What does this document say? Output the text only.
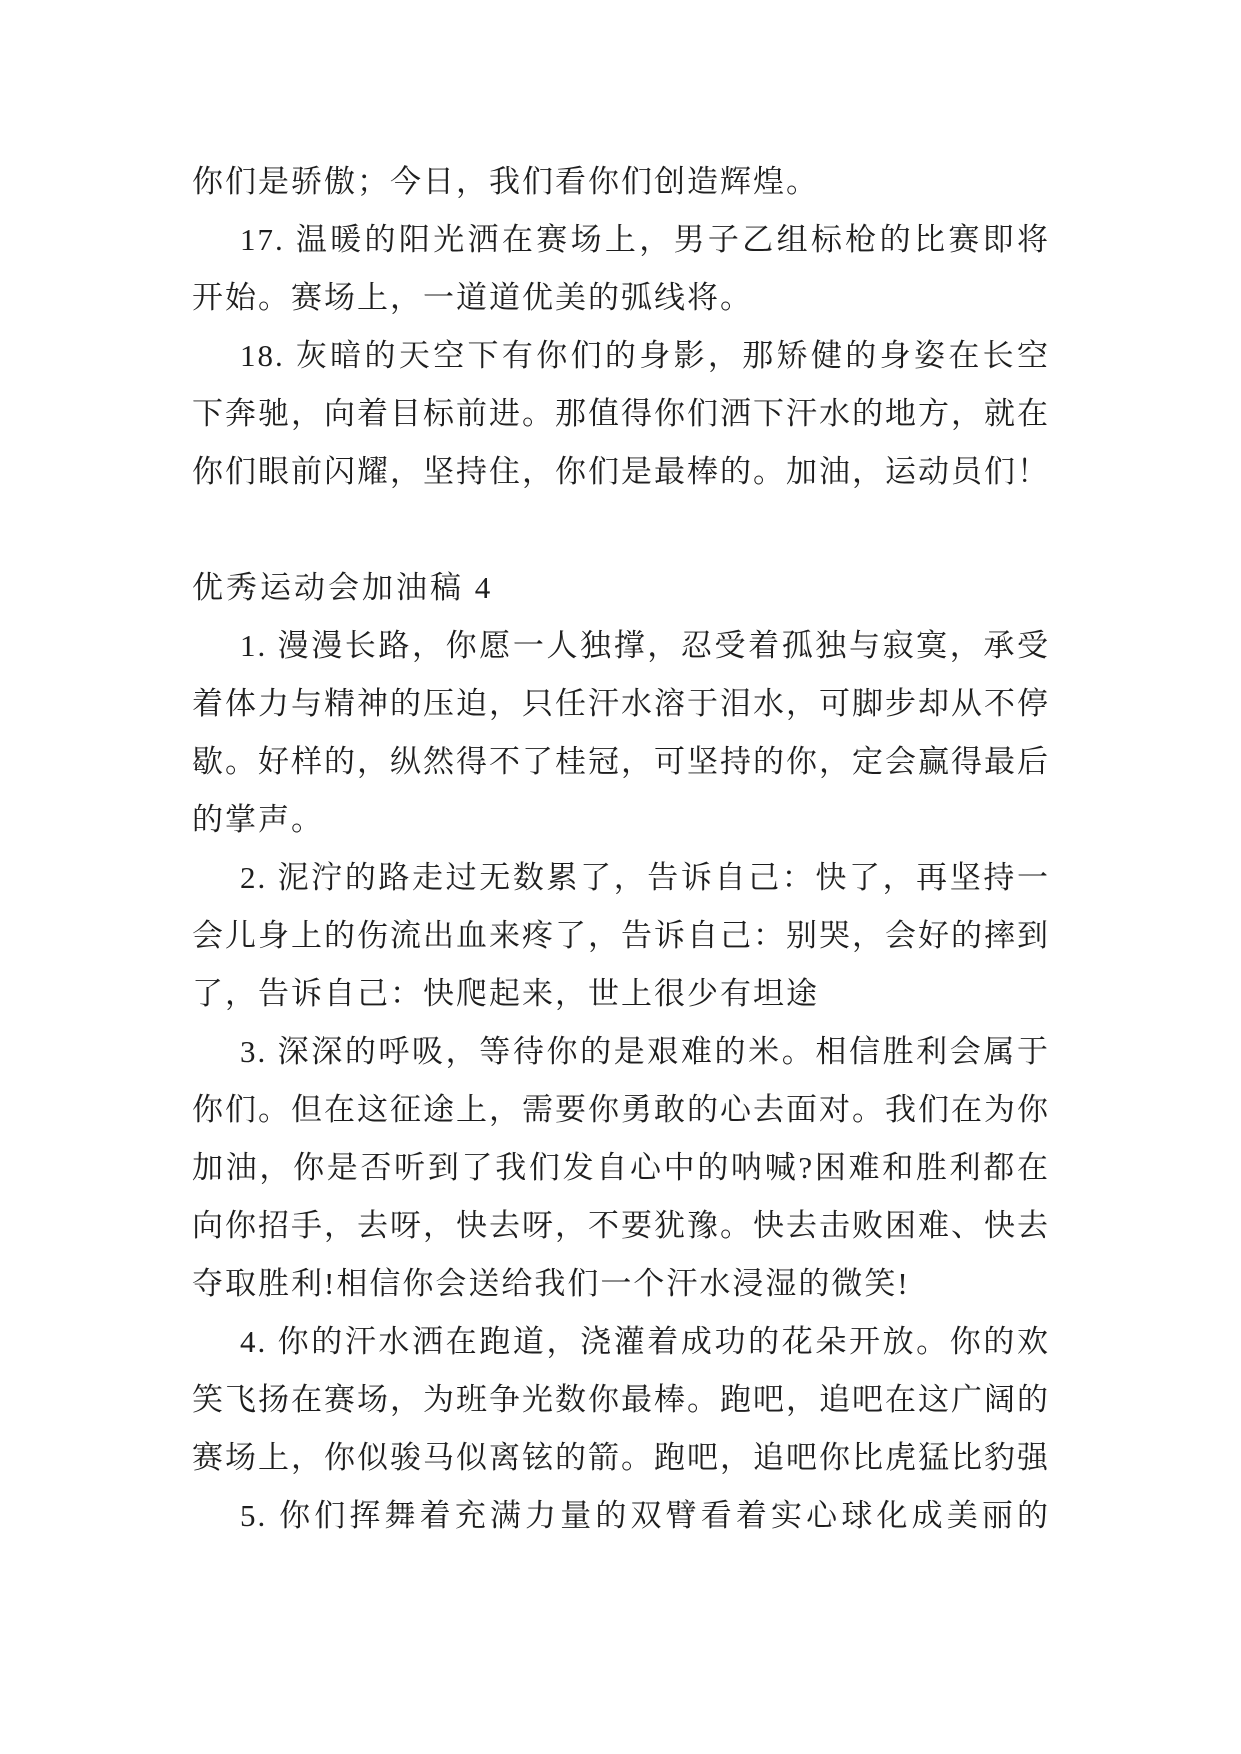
你们是骄傲；今日，我们看你们创造辉煌。
17. 温暖的阳光洒在赛场上，男子乙组标枪的比赛即将
开始。赛场上，一道道优美的弧线将。
18. 灰暗的天空下有你们的身影，那矫健的身姿在长空
下奔驰，向着目标前进。那值得你们洒下汗水的地方，就在
你们眼前闪耀，坚持住，你们是最棒的。加油，运动员们！
优秀运动会加油稿 4
1. 漫漫长路，你愿一人独撑，忍受着孤独与寂寞，承受
着体力与精神的压迫，只任汗水溶于泪水，可脚步却从不停
歇。好样的，纵然得不了桂冠，可坚持的你，定会赢得最后
的掌声。
2. 泥泞的路走过无数累了，告诉自己：快了，再坚持一
会儿身上的伤流出血来疼了，告诉自己：别哭，会好的摔到
了，告诉自己：快爬起来，世上很少有坦途
3. 深深的呼吸，等待你的是艰难的米。相信胜利会属于
你们。但在这征途上，需要你勇敢的心去面对。我们在为你
加油，你是否听到了我们发自心中的呐喊?困难和胜利都在
向你招手，去呀，快去呀，不要犹豫。快去击败困难、快去
夺取胜利!相信你会送给我们一个汗水浸湿的微笑!
4. 你的汗水洒在跑道，浇灌着成功的花朵开放。你的欢
笑飞扬在赛场，为班争光数你最棒。跑吧，追吧在这广阔的
赛场上，你似骏马似离铉的箭。跑吧，追吧你比虎猛比豹强
5. 你们挥舞着充满力量的双臂看着实心球化成美丽的
